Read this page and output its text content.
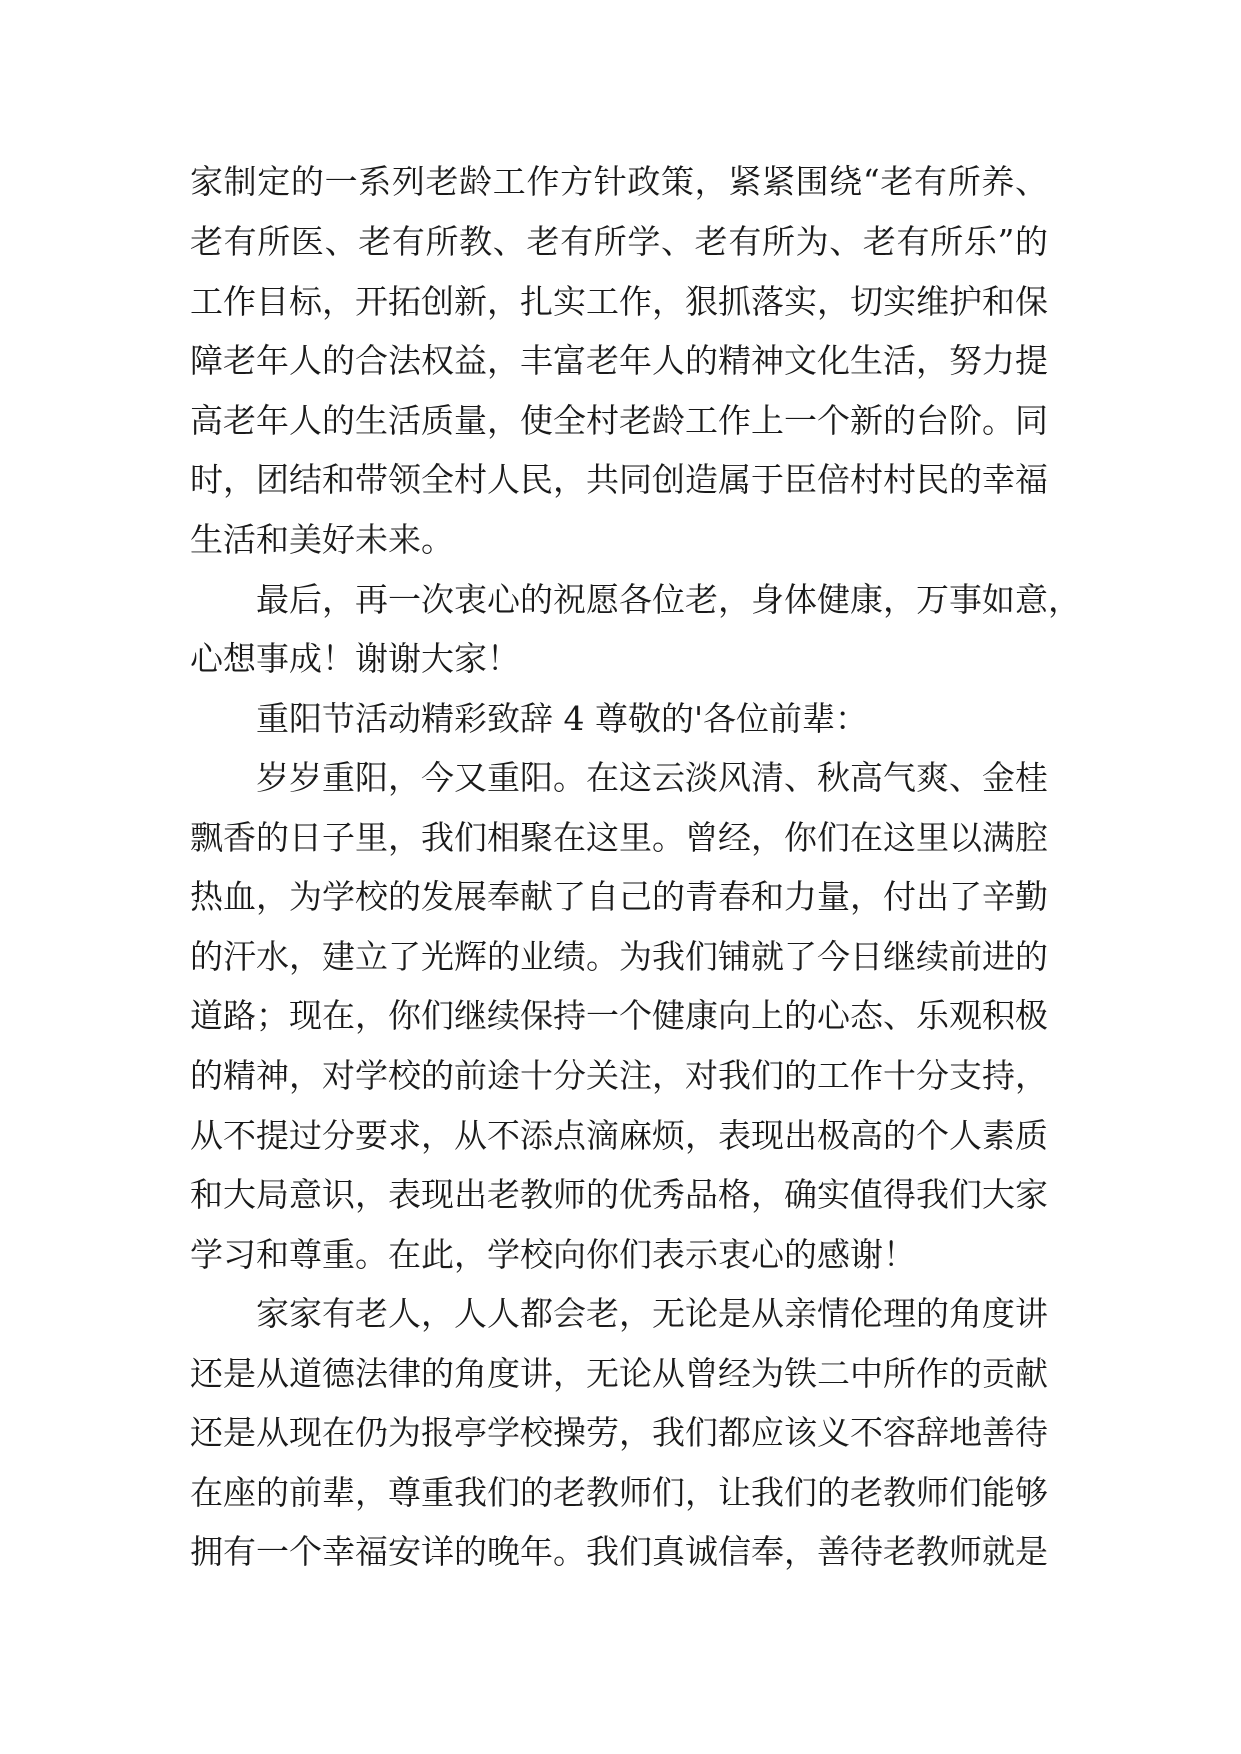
家制定的一系列老龄工作方针政策，紧紧围绕“老有所养、
老有所医、老有所教、老有所学、老有所为、老有所乐”的
工作目标，开拓创新，扎实工作，狠抓落实，切实维护和保
障老年人的合法权益，丰富老年人的精神文化生活，努力提
高老年人的生活质量，使全村老龄工作上一个新的台阶。同
时，团结和带领全村人民，共同创造属于臣倍村村民的幸福
生活和美好未来。
最后，再一次衷心的祝愿各位老，身体健康，万事如意，
心想事成！谢谢大家！
重阳节活动精彩致辞 4 尊敬的'各位前辈：
岁岁重阳，今又重阳。在这云淡风清、秋高气爽、金桂
飘香的日子里，我们相聚在这里。曾经，你们在这里以满腔
热血，为学校的发展奉献了自己的青春和力量，付出了辛勤
的汗水，建立了光辉的业绩。为我们铺就了今日继续前进的
道路；现在，你们继续保持一个健康向上的心态、乐观积极
的精神，对学校的前途十分关注，对我们的工作十分支持，
从不提过分要求，从不添点滴麻烦，表现出极高的个人素质
和大局意识，表现出老教师的优秀品格，确实值得我们大家
学习和尊重。在此，学校向你们表示衷心的感谢！
家家有老人，人人都会老，无论是从亲情伦理的角度讲
还是从道德法律的角度讲，无论从曾经为铁二中所作的贡献
还是从现在仍为报亭学校操劳，我们都应该义不容辞地善待
在座的前辈，尊重我们的老教师们，让我们的老教师们能够
拥有一个幸福安详的晚年。我们真诚信奉，善待老教师就是
